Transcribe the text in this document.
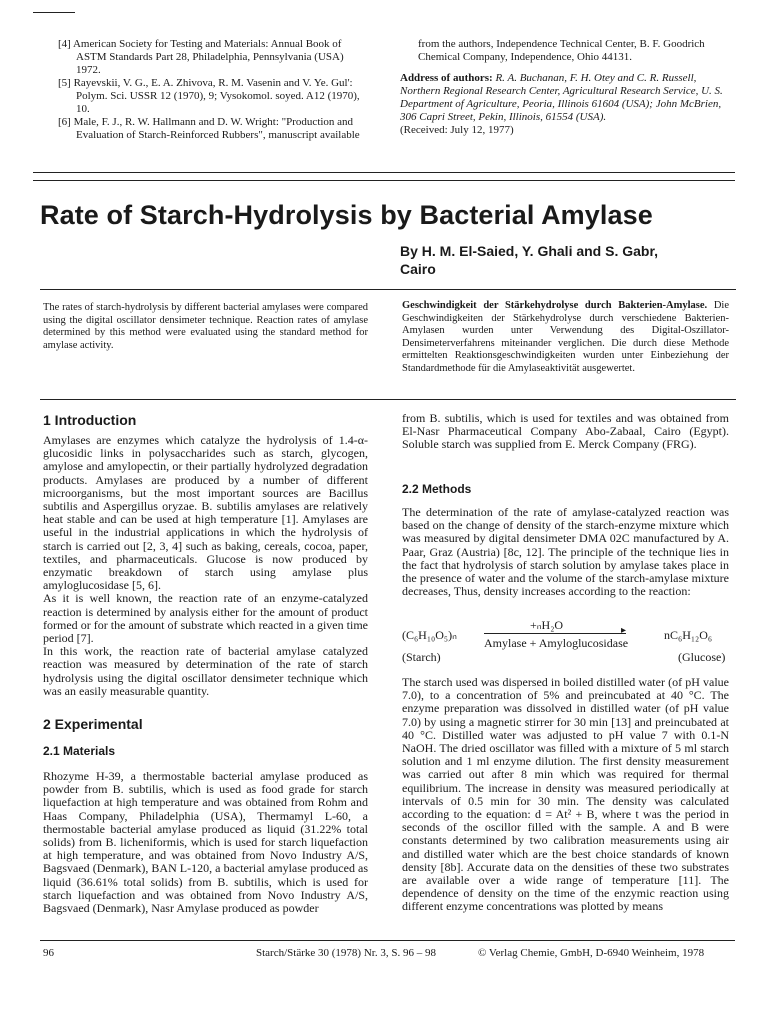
[4] American Society for Testing and Materials: Annual Book of ASTM Standards Part 28, Philadelphia, Pennsylvania (USA) 1972.

[5] Rayevskii, V. G., E. A. Zhivova, R. M. Vasenin and V. Ye. Gul': Polym. Sci. USSR 12 (1970), 9; Vysokomol. soyed. A12 (1970), 10.

[6] Male, F. J., R. W. Hallmann and D. W. Wright: "Production and Evaluation of Starch-Reinforced Rubbers", manuscript available

from the authors, Independence Technical Center, B. F. Goodrich Chemical Company, Independence, Ohio 44131.
Address of authors: R. A. Buchanan, F. H. Otey and C. R. Russell, Northern Regional Research Center, Agricultural Research Service, U. S. Department of Agriculture, Peoria, Illinois 61604 (USA); John McBrien, 306 Capri Street, Pekin, Illinois, 61554 (USA).
(Received: July 12, 1977)
Rate of Starch-Hydrolysis by Bacterial Amylase
By H. M. El-Saied, Y. Ghali and S. Gabr,
Cairo

The rates of starch-hydrolysis by different bacterial amylases were compared using the digital oscillator densimeter technique. Reaction rates of amylase determined by this method were evaluated using the standard method for amylase activity.

Geschwindigkeit der Stärkehydrolyse durch Bakterien-Amylase. Die Geschwindigkeiten der Stärkehydrolyse durch verschiedene Bakterien-Amylasen wurden unter Verwendung des Digital-Oszillator-Densimeterverfahrens miteinander verglichen. Die durch diese Methode ermittelten Reaktionsgeschwindigkeiten wurden unter Einbeziehung der Standardmethode für die Amylaseaktivität ausgewertet.

1 Introduction

Amylases are enzymes which catalyze the hydrolysis of 1.4-α-glucosidic links in polysaccharides such as starch, glycogen, amylose and amylopectin, or their partially hydrolyzed degradation products. Amylases are produced by a number of different microorganisms, but the most important sources are Bacillus subtilis and Aspergillus oryzae. B. subtilis amylases are relatively heat stable and can be used at high temperature [1]. Amylases are useful in the industrial applications in which the hydrolysis of starch is carried out [2, 3, 4] such as baking, cereals, cocoa, paper, textiles, and pharmaceuticals. Glucose is now produced by enzymatic breakdown of starch using amylase plus amyloglucosidase [5, 6].

As it is well known, the reaction rate of an enzyme-catalyzed reaction is determined by analysis either for the amount of product formed or for the amount of substrate which reacted in a given time period [7].

In this work, the reaction rate of bacterial amylase catalyzed reaction was measured by determination of the rate of starch hydrolysis using the digital oscillator densimeter technique which was an easily measurable quantity.

2 Experimental
2.1 Materials

Rhozyme H-39, a thermostable bacterial amylase produced as powder from B. subtilis, which is used as food grade for starch liquefaction at high temperature and was obtained from Rohm and Haas Company, Philadelphia (USA), Thermamyl L-60, a thermostable bacterial amylase produced as liquid (31.22% total solids) from B. licheniformis, which is used for starch liquefaction at high temperature, and was obtained from Novo Industry A/S, Bagsvaed (Denmark), BAN L-120, a bacterial amylase produced as liquid (36.61% total solids) from B. subtilis, which is used for starch liquefaction and was obtained from Novo Industry A/S, Bagsvaed (Denmark), Nasr Amylase produced as powder

from B. subtilis, which is used for textiles and was obtained from El-Nasr Pharmaceutical Company Abo-Zabaal, Cairo (Egypt). Soluble starch was supplied from E. Merck Company (FRG).

2.2 Methods

The determination of the rate of amylase-catalyzed reaction was based on the change of density of the starch-enzyme mixture which was measured by digital densimeter DMA 02C manufactured by A. Paar, Graz (Austria) [8c, 12]. The principle of the technique lies in the fact that hydrolysis of starch solution by amylase takes place in the presence of water and the volume of the starch-amylase mixture decreases, Thus, density increases according to the reaction:

(C₆H₁₀O₅)ₙ
+ₙH₂O	▸
Amylase + Amyloglucosidase
nC₆H₁₂O₆
(Starch)	(Glucose)

The starch used was dispersed in boiled distilled water (of pH value 7.0), to a concentration of 5% and preincubated at 40 °C. The enzyme preparation was dissolved in distilled water (of pH value 7.0) by using a magnetic stirrer for 30 min [13] and preincubated at 40 °C. Distilled water was adjusted to pH value 7 with 0.1-N NaOH. The dried oscillator was filled with a mixture of 5 ml starch solution and 1 ml enzyme dilution. The first density measurement was carried out after 8 min which was required for thermal equilibrium. The increase in density was measured periodically at intervals of 0.5 min for 30 min. The density was calculated according to the equation: d = At² + B, where t was the period in seconds of the oscillor filled with the sample. A and B were constants determined by two calibration measurements using air and distilled water which are the best choice standards of known density [8b]. Accurate data on the densities of these two substrates are available over a wide range of temperature [11]. The dependence of density on the time of the enzymic reaction using different enzyme concentrations was plotted by means

96	Starch/Stärke 30 (1978) Nr. 3, S. 96 – 98	© Verlag Chemie, GmbH, D-6940 Weinheim, 1978
